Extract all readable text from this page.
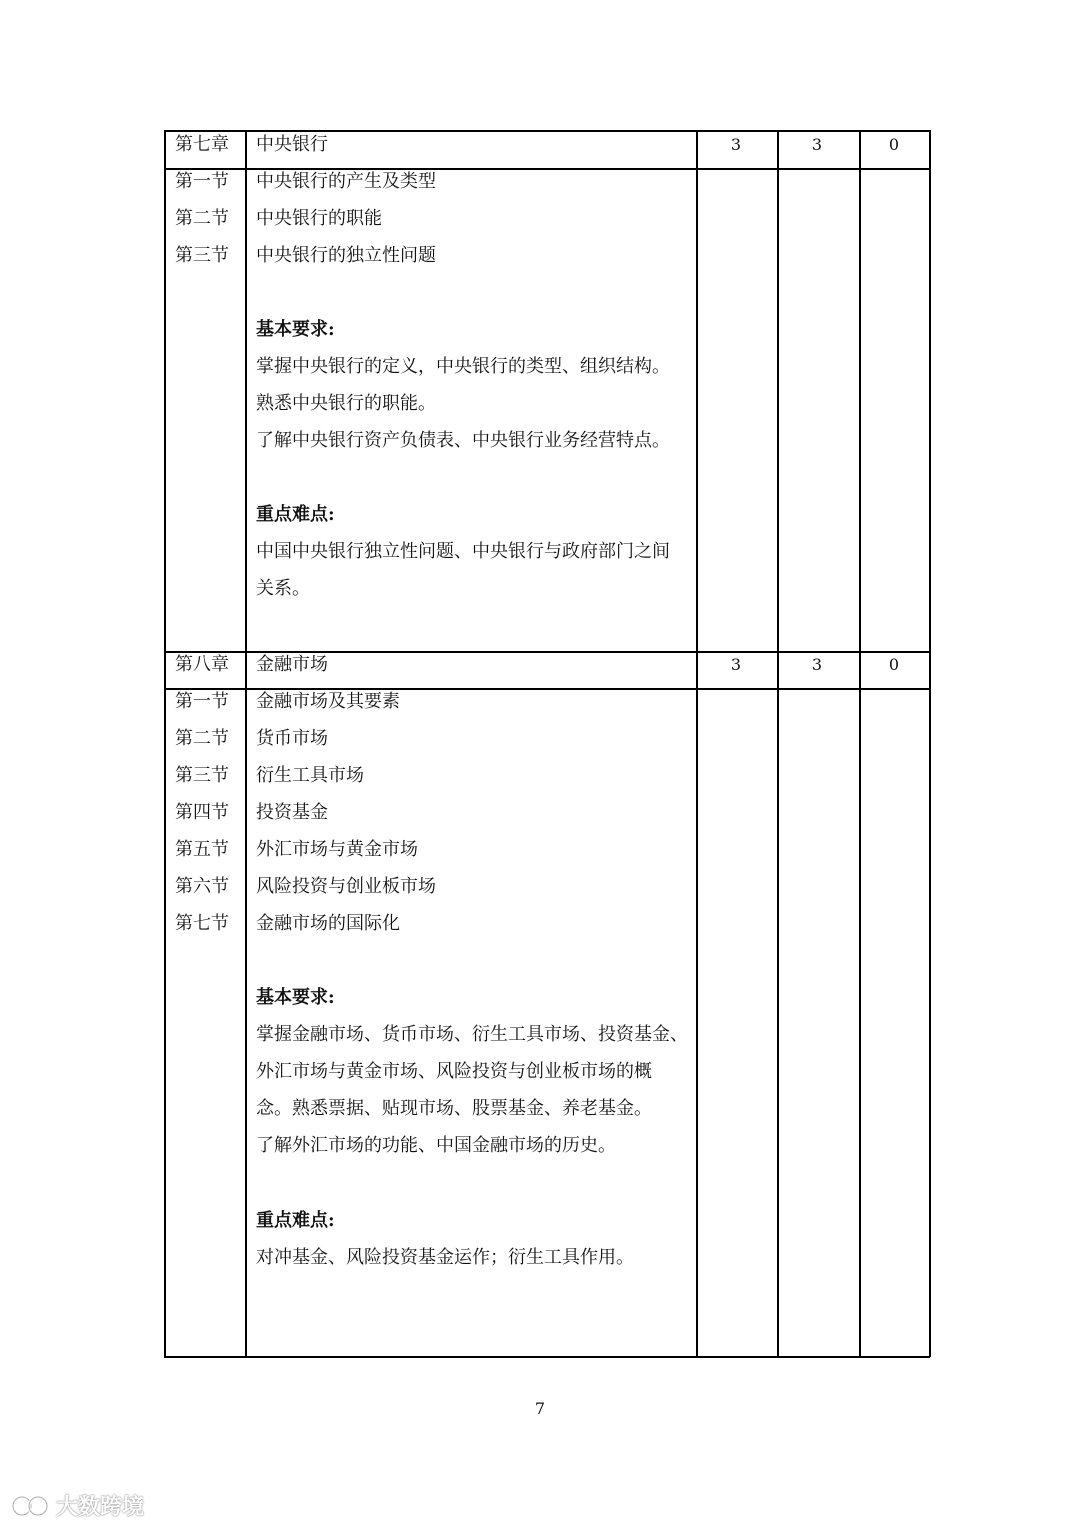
第七章 中央银行	3	3	0
第一节 中央银行的产生及类型
第二节 中央银行的职能
第三节 中央银行的独立性问题
基本要求:
掌握中央银行的定义，中央银行的类型、组织结构。
熟悉中央银行的职能。
了解中央银行资产负债表、中央银行业务经营特点。
重点难点:
中国中央银行独立性问题、中央银行与政府部门之间
关系。
第八章 金融市场	3	3	0
第一节 金融市场及其要素
第二节 货币市场
第三节 衍生工具市场
第四节 投资基金
第五节 外汇市场与黄金市场
第六节 风险投资与创业板市场
第七节 金融市场的国际化
基本要求:
掌握金融市场、货币市场、衍生工具市场、投资基金、
外汇市场与黄金市场、风险投资与创业板市场的概
念。熟悉票据、贴现市场、股票基金、养老基金。
了解外汇市场的功能、中国金融市场的历史。
重点难点:
对冲基金、风险投资基金运作；衍生工具作用。
7
大数跨境
